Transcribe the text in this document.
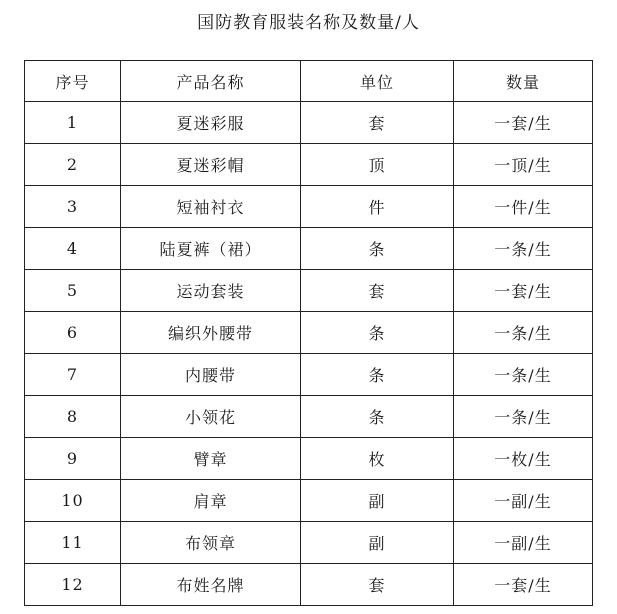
国防教育服装名称及数量/人
序号	产品名称	单位	数量
1	夏迷彩服	套	一套/生
2	夏迷彩帽	顶	一顶/生
3	短袖衬衣	件	一件/生
4	陆夏裤（裙）	条	一条/生
5	运动套装	套	一套/生
6	编织外腰带	条	一条/生
7	内腰带	条	一条/生
8	小领花	条	一条/生
9	臂章	枚	一枚/生
10	肩章	副	一副/生
11	布领章	副	一副/生
12	布姓名牌	套	一套/生
